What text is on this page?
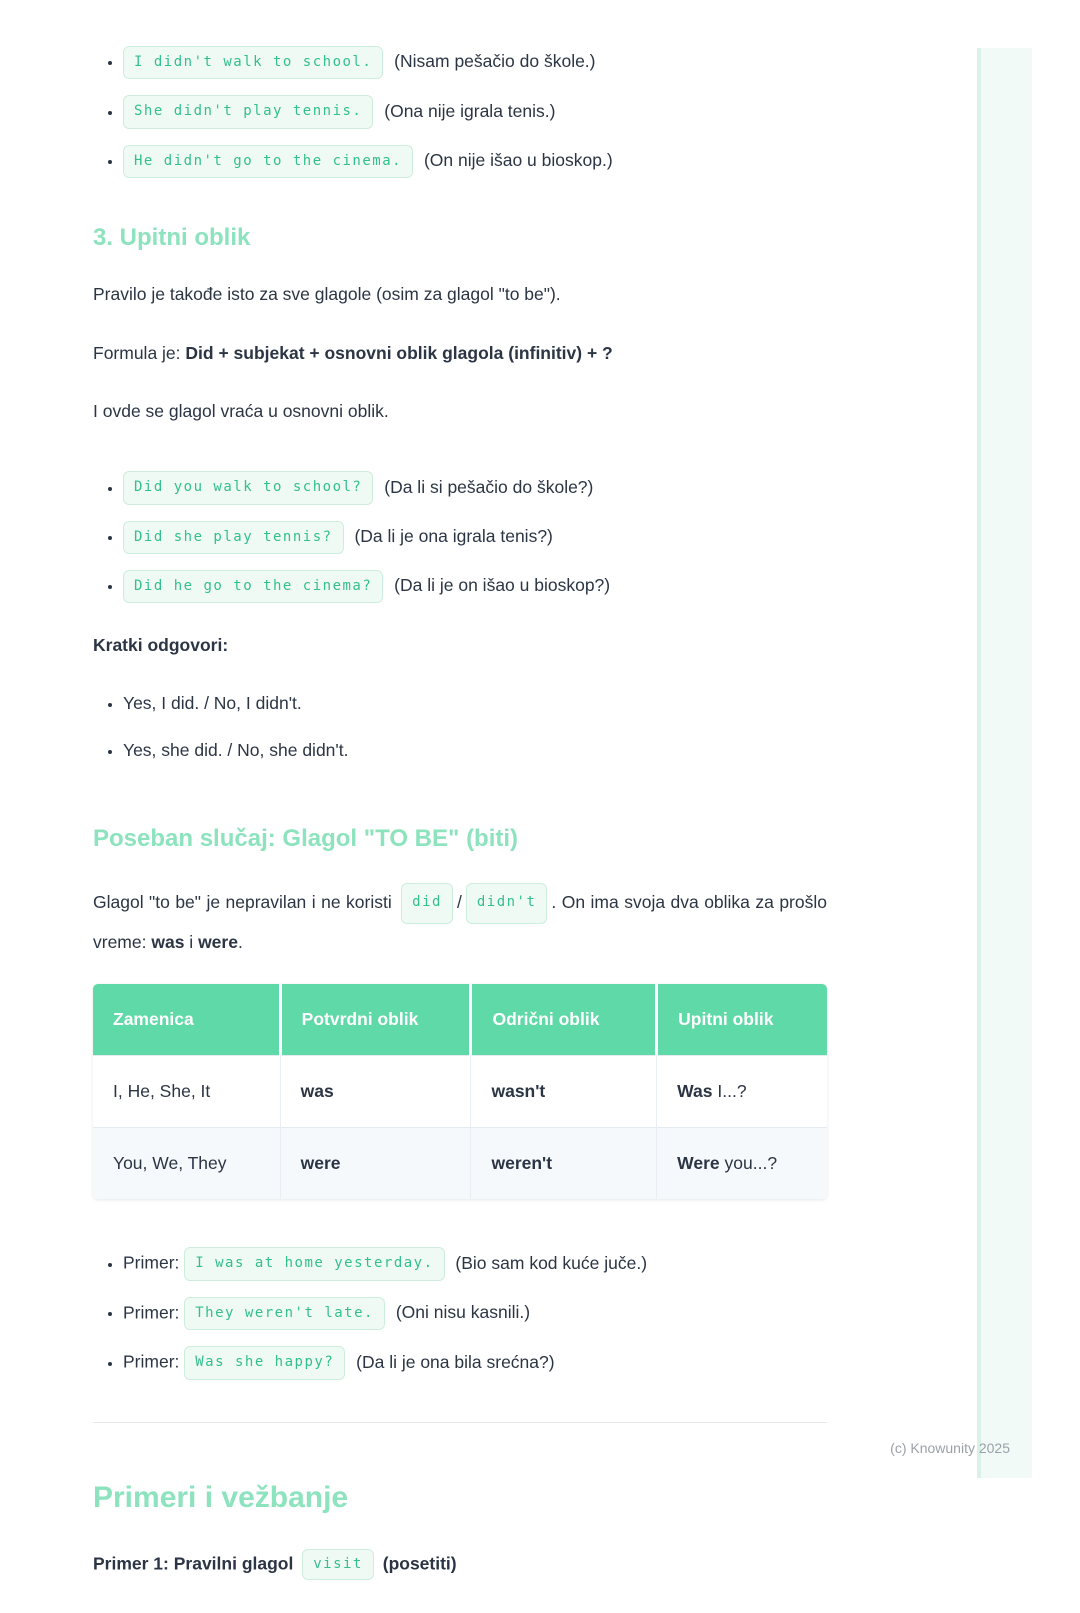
• I didn't walk to school. (Nisam pešačio do škole.)
• She didn't play tennis. (Ona nije igrala tenis.)
• He didn't go to the cinema. (On nije išao u bioskop.)
3. Upitni oblik

Pravilo je takođe isto za sve glagole (osim za glagol "to be").

Formula je: Did + subjekat + osnovni oblik glagola (infinitiv) + ?

I ovde se glagol vraća u osnovni oblik.

• Did you walk to school? (Da li si pešačio do škole?)
• Did she play tennis? (Da li je ona igrala tenis?)
• Did he go to the cinema? (Da li je on išao u bioskop?)

Kratki odgovori:

• Yes, I did. / No, I didn't.
• Yes, she did. / No, she didn't.
Poseban slučaj: Glagol "TO BE" (biti)

Glagol "to be" je nepravilan i ne koristi did / didn't . On ima svoja dva oblika za prošlo vreme: was i were.

Zamenica	Potvrdni oblik	Odrični oblik	Upitni oblik
I, He, She, It	was	wasn't	Was I...?
You, We, They	were	weren't	Were you...?
• Primer: I was at home yesterday. (Bio sam kod kuće juče.)
• Primer: They weren't late. (Oni nisu kasnili.)
• Primer: Was she happy? (Da li je ona bila srećna?)
Primeri i vežbanje

Primer 1: Pravilni glagol visit (posetiti)

(c) Knowunity 2025
